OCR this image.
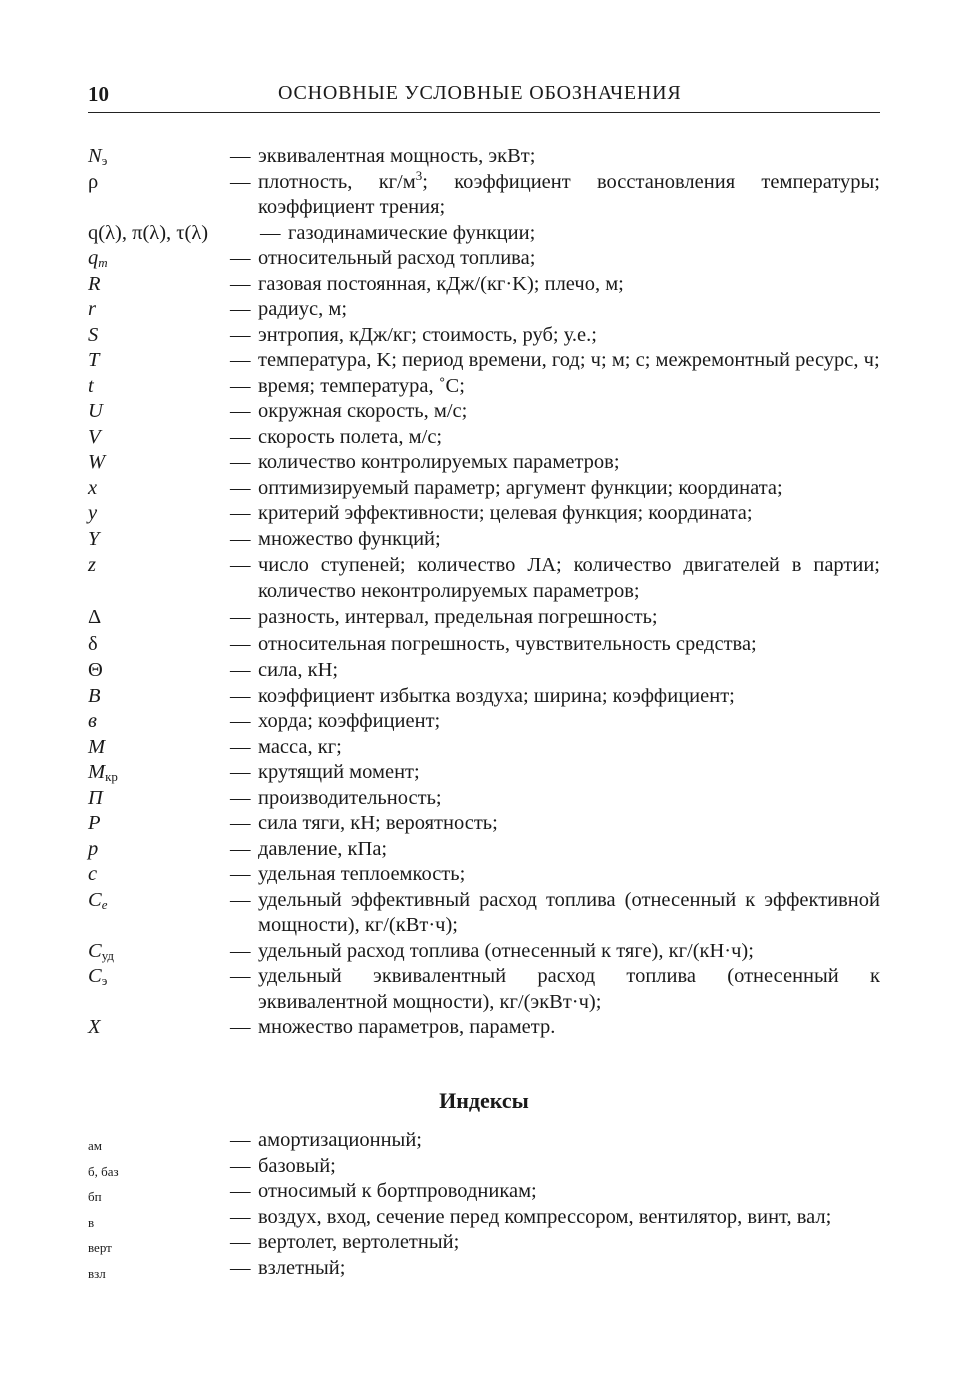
10	ОСНОВНЫЕ УСЛОВНЫЕ ОБОЗНАЧЕНИЯ
$N_э$	— эквивалентная мощность, экВт;
ρ	— плотность, $кг/м^3$; коэффициент восстановления температуры; коэффициент трения;
q(λ), π(λ), τ(λ)	— газодинамические функции;
$q_m$	— относительный расход топлива;
R	— газовая постоянная, кДж/(кг·K); плечо, м;
r	— радиус, м;
S	— энтропия, кДж/кг; стоимость, руб; у.е.;
T	— температура, K; период времени, год; ч; м; с; межремонтный ресурс, ч;
t	— время; температура, ˚С;
U	— окружная скорость, м/с;
V	— скорость полета, м/с;
W	— количество контролируемых параметров;
x	— оптимизируемый параметр; аргумент функции; координата;
y	— критерий эффективности; целевая функция; координата;
Y	— множество функций;
z	— число ступеней; количество ЛА; количество двигателей в партии; количество неконтролируемых параметров;
Δ	— разность, интервал, предельная погрешность;
δ	— относительная погрешность, чувствительность средства;
Θ	— сила, кН;
B	— коэффициент избытка воздуха; ширина; коэффициент;
в	— хорда; коэффициент;
M	— масса, кг;
$M_{кр}$	— крутящий момент;
П	— производительность;
P	— сила тяги, кН; вероятность;
p	— давление, кПа;
c	— удельная теплоемкость;
$C_e$	— удельный эффективный расход топлива (отнесенный к эффективной мощности), кг/(кВт·ч);
$C_{уд}$	— удельный расход топлива (отнесенный к тяге), кг/(кН·ч);
$C_э$	— удельный эквивалентный расход топлива (отнесенный к эквивалентной мощности), кг/(экВт·ч);
X	— множество параметров, параметр.
Индексы
ам	— амортизационный;
б, баз	— базовый;
бп	— относимый к бортпроводникам;
в	— воздух, вход, сечение перед компрессором, вентилятор, винт, вал;
верт	— вертолет, вертолетный;
взл	— взлетный;
